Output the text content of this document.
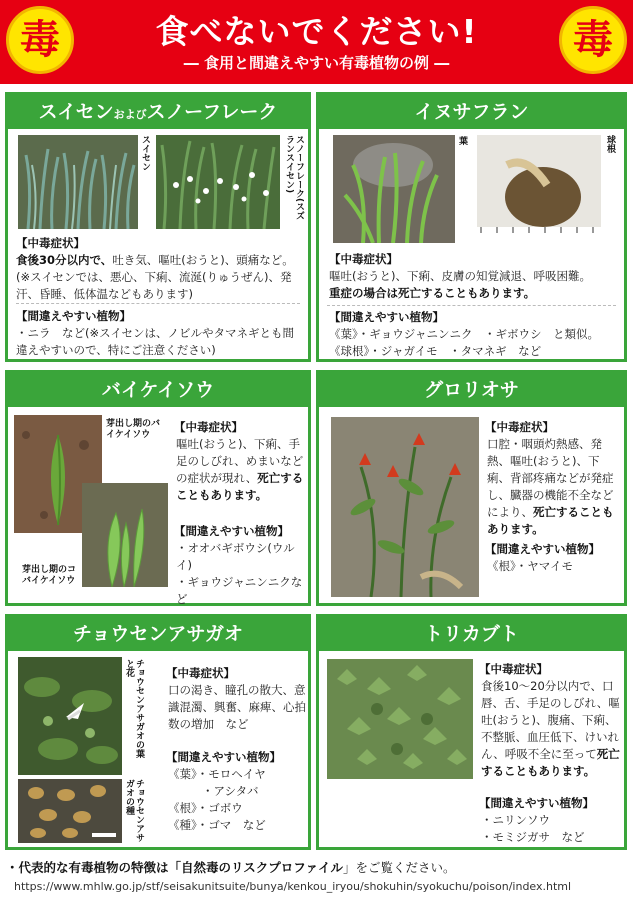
毒	食べないでください!
― 食用と間違えやすい有毒植物の例 ―	毒
スイセンおよびスノーフレーク
スイセン	スノーフレーク(スズランスイセン)
【中毒症状】
食後30分以内で、吐き気、嘔吐(おうと)、頭痛など。(※スイセンでは、悪心、下痢、流涎(りゅうぜん)、発汗、昏睡、低体温などもあります)
【間違えやすい植物】
・ニラ　など(※スイセンは、ノビルやタマネギとも間違えやすいので、特にご注意ください)
イヌサフラン
葉	球根
【中毒症状】
嘔吐(おうと)、下痢、皮膚の知覚減退、呼吸困難。
重症の場合は死亡することもあります。
【間違えやすい植物】
《葉》・ギョウジャニンニク　・ギボウシ　と類似。
《球根》・ジャガイモ　・タマネギ　など
バイケイソウ
芽出し期のバイケイソウ
芽出し期のコバイケイソウ
【中毒症状】
嘔吐(おうと)、下痢、手足のしびれ、めまいなどの症状が現れ、死亡することもあります。
【間違えやすい植物】
・オオバギボウシ(ウルイ)
・ギョウジャニンニクなど
グロリオサ
【中毒症状】
口腔・咽頭灼熱感、発熱、嘔吐(おうと)、下痢、背部疼痛などが発症し、臓器の機能不全などにより、死亡することもあります。
【間違えやすい植物】
《根》・ヤマイモ
チョウセンアサガオ
チョウセンアサガオの葉と花
チョウセンアサガオの種
【中毒症状】
口の渇き、瞳孔の散大、意識混濁、興奮、麻痺、心拍数の増加　など
【間違えやすい植物】
《葉》・モロヘイヤ
・アシタバ
《根》・ゴボウ
《種》・ゴマ　など
トリカブト
【中毒症状】
食後10〜20分以内で、口唇、舌、手足のしびれ、嘔吐(おうと)、腹痛、下痢、不整脈、血圧低下、けいれん、呼吸不全に至って死亡することもあります。
【間違えやすい植物】
・ニリンソウ
・モミジガサ　など
・代表的な有毒植物の特徴は「自然毒のリスクプロファイル」をご覧ください。
https://www.mhlw.go.jp/stf/seisakunitsuite/bunya/kenkou_iryou/shokuhin/syokuchu/poison/index.html
